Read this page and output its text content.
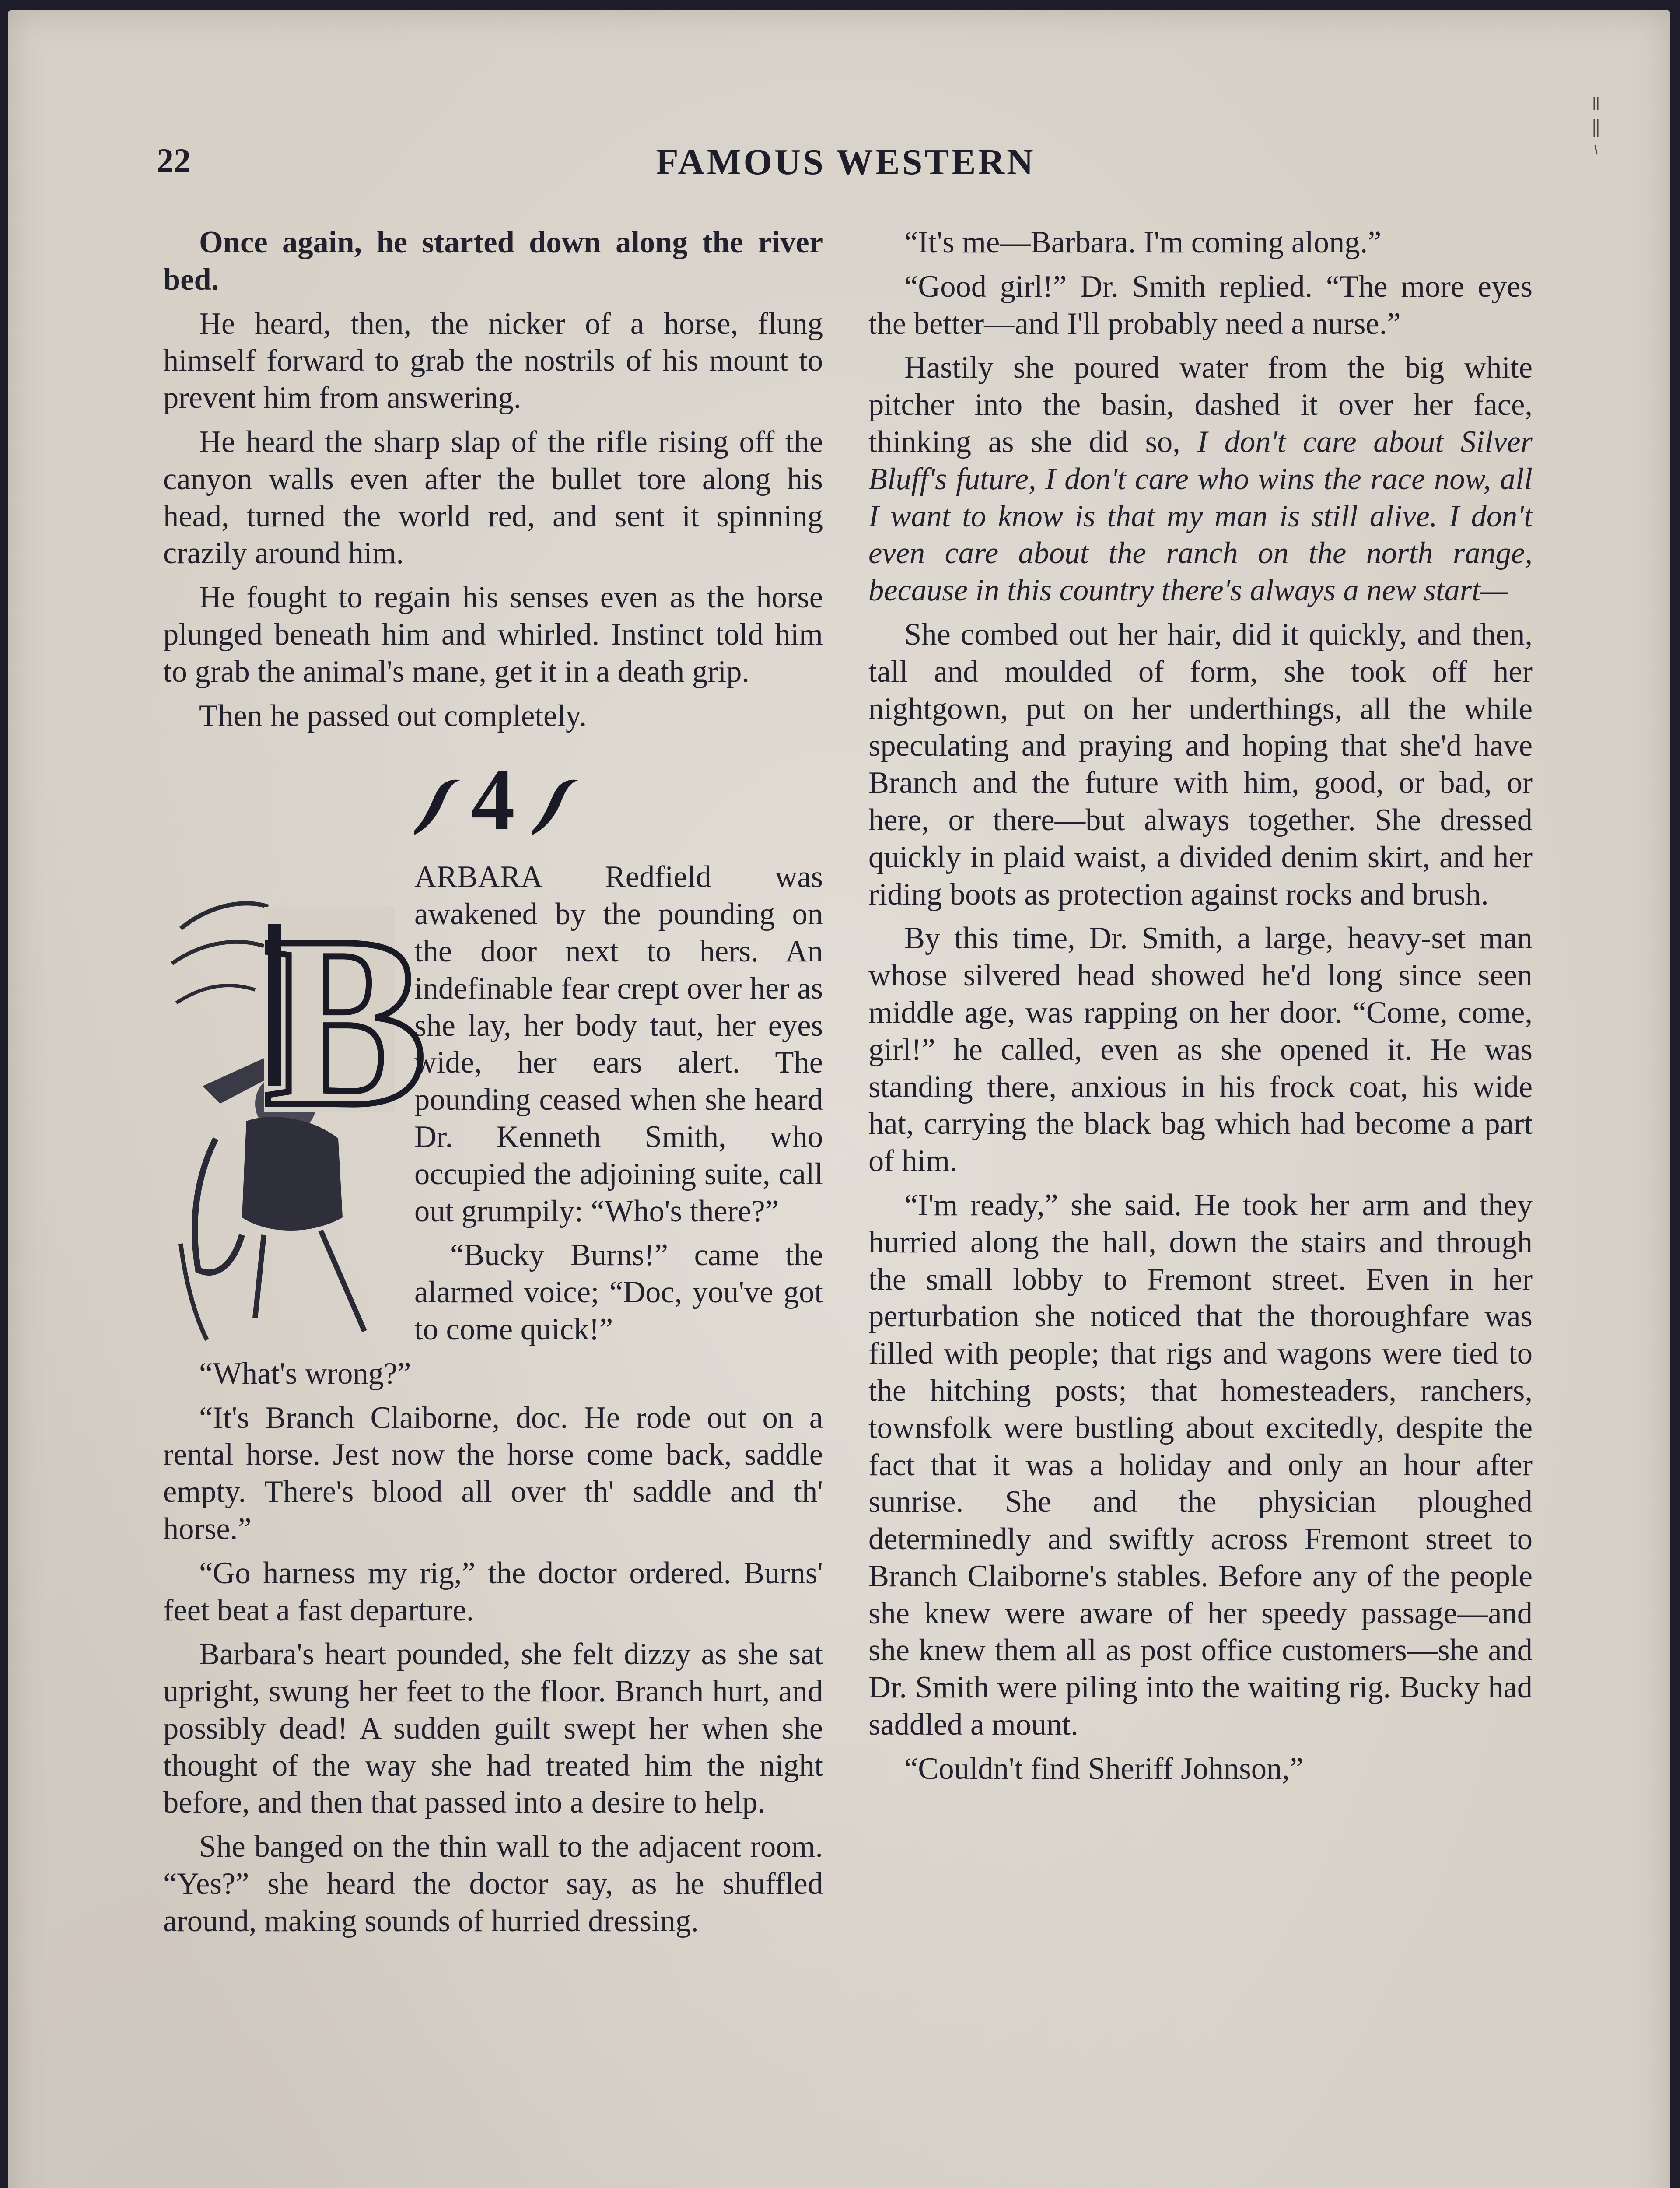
22	FAMOUS WESTERN

Once again, he started down along the river bed.

He heard, then, the nicker of a horse, flung himself forward to grab the nostrils of his mount to prevent him from answering.

He heard the sharp slap of the rifle rising off the canyon walls even after the bullet tore along his head, turned the world red, and sent it spinning crazily around him.

He fought to regain his senses even as the horse plunged beneath him and whirled. Instinct told him to grab the animal's mane, get it in a death grip.

Then he passed out completely.

4
B

ARBARA Redfield was awakened by the pounding on the door next to hers. An indefinable fear crept over her as she lay, her body taut, her eyes wide, her ears alert. The pounding ceased when she heard Dr. Kenneth Smith, who occupied the adjoining suite, call out grumpily: “Who's there?”

“Bucky Burns!” came the alarmed voice; “Doc, you've got to come quick!”

“What's wrong?”

“It's Branch Claiborne, doc. He rode out on a rental horse. Jest now the horse come back, saddle empty. There's blood all over th' saddle and th' horse.”

“Go harness my rig,” the doctor ordered. Burns' feet beat a fast departure.

Barbara's heart pounded, she felt dizzy as she sat upright, swung her feet to the floor. Branch hurt, and possibly dead! A sudden guilt swept her when she thought of the way she had treated him the night before, and then that passed into a desire to help.

She banged on the thin wall to the adjacent room. “Yes?” she heard the doctor say, as he shuffled around, making sounds of hurried dressing.

“It's me—Barbara. I'm coming along.”

“Good girl!” Dr. Smith replied. “The more eyes the better—and I'll probably need a nurse.”

Hastily she poured water from the big white pitcher into the basin, dashed it over her face, thinking as she did so, I don't care about Silver Bluff's future, I don't care who wins the race now, all I want to know is that my man is still alive. I don't even care about the ranch on the north range, because in this country there's always a new start—

She combed out her hair, did it quickly, and then, tall and moulded of form, she took off her nightgown, put on her underthings, all the while speculating and praying and hoping that she'd have Branch and the future with him, good, or bad, or here, or there—but always together. She dressed quickly in plaid waist, a divided denim skirt, and her riding boots as protection against rocks and brush.

By this time, Dr. Smith, a large, heavy-set man whose silvered head showed he'd long since seen middle age, was rapping on her door. “Come, come, girl!” he called, even as she opened it. He was standing there, anxious in his frock coat, his wide hat, carrying the black bag which had become a part of him.

“I'm ready,” she said. He took her arm and they hurried along the hall, down the stairs and through the small lobby to Fremont street. Even in her perturbation she noticed that the thoroughfare was filled with people; that rigs and wagons were tied to the hitching posts; that homesteaders, ranchers, townsfolk were bustling about excitedly, despite the fact that it was a holiday and only an hour after sunrise. She and the physician ploughed determinedly and swiftly across Fremont street to Branch Claiborne's stables. Before any of the people she knew were aware of her speedy passage—and she knew them all as post office customers—she and Dr. Smith were piling into the waiting rig. Bucky had saddled a mount.

“Couldn't find Sheriff Johnson,”
